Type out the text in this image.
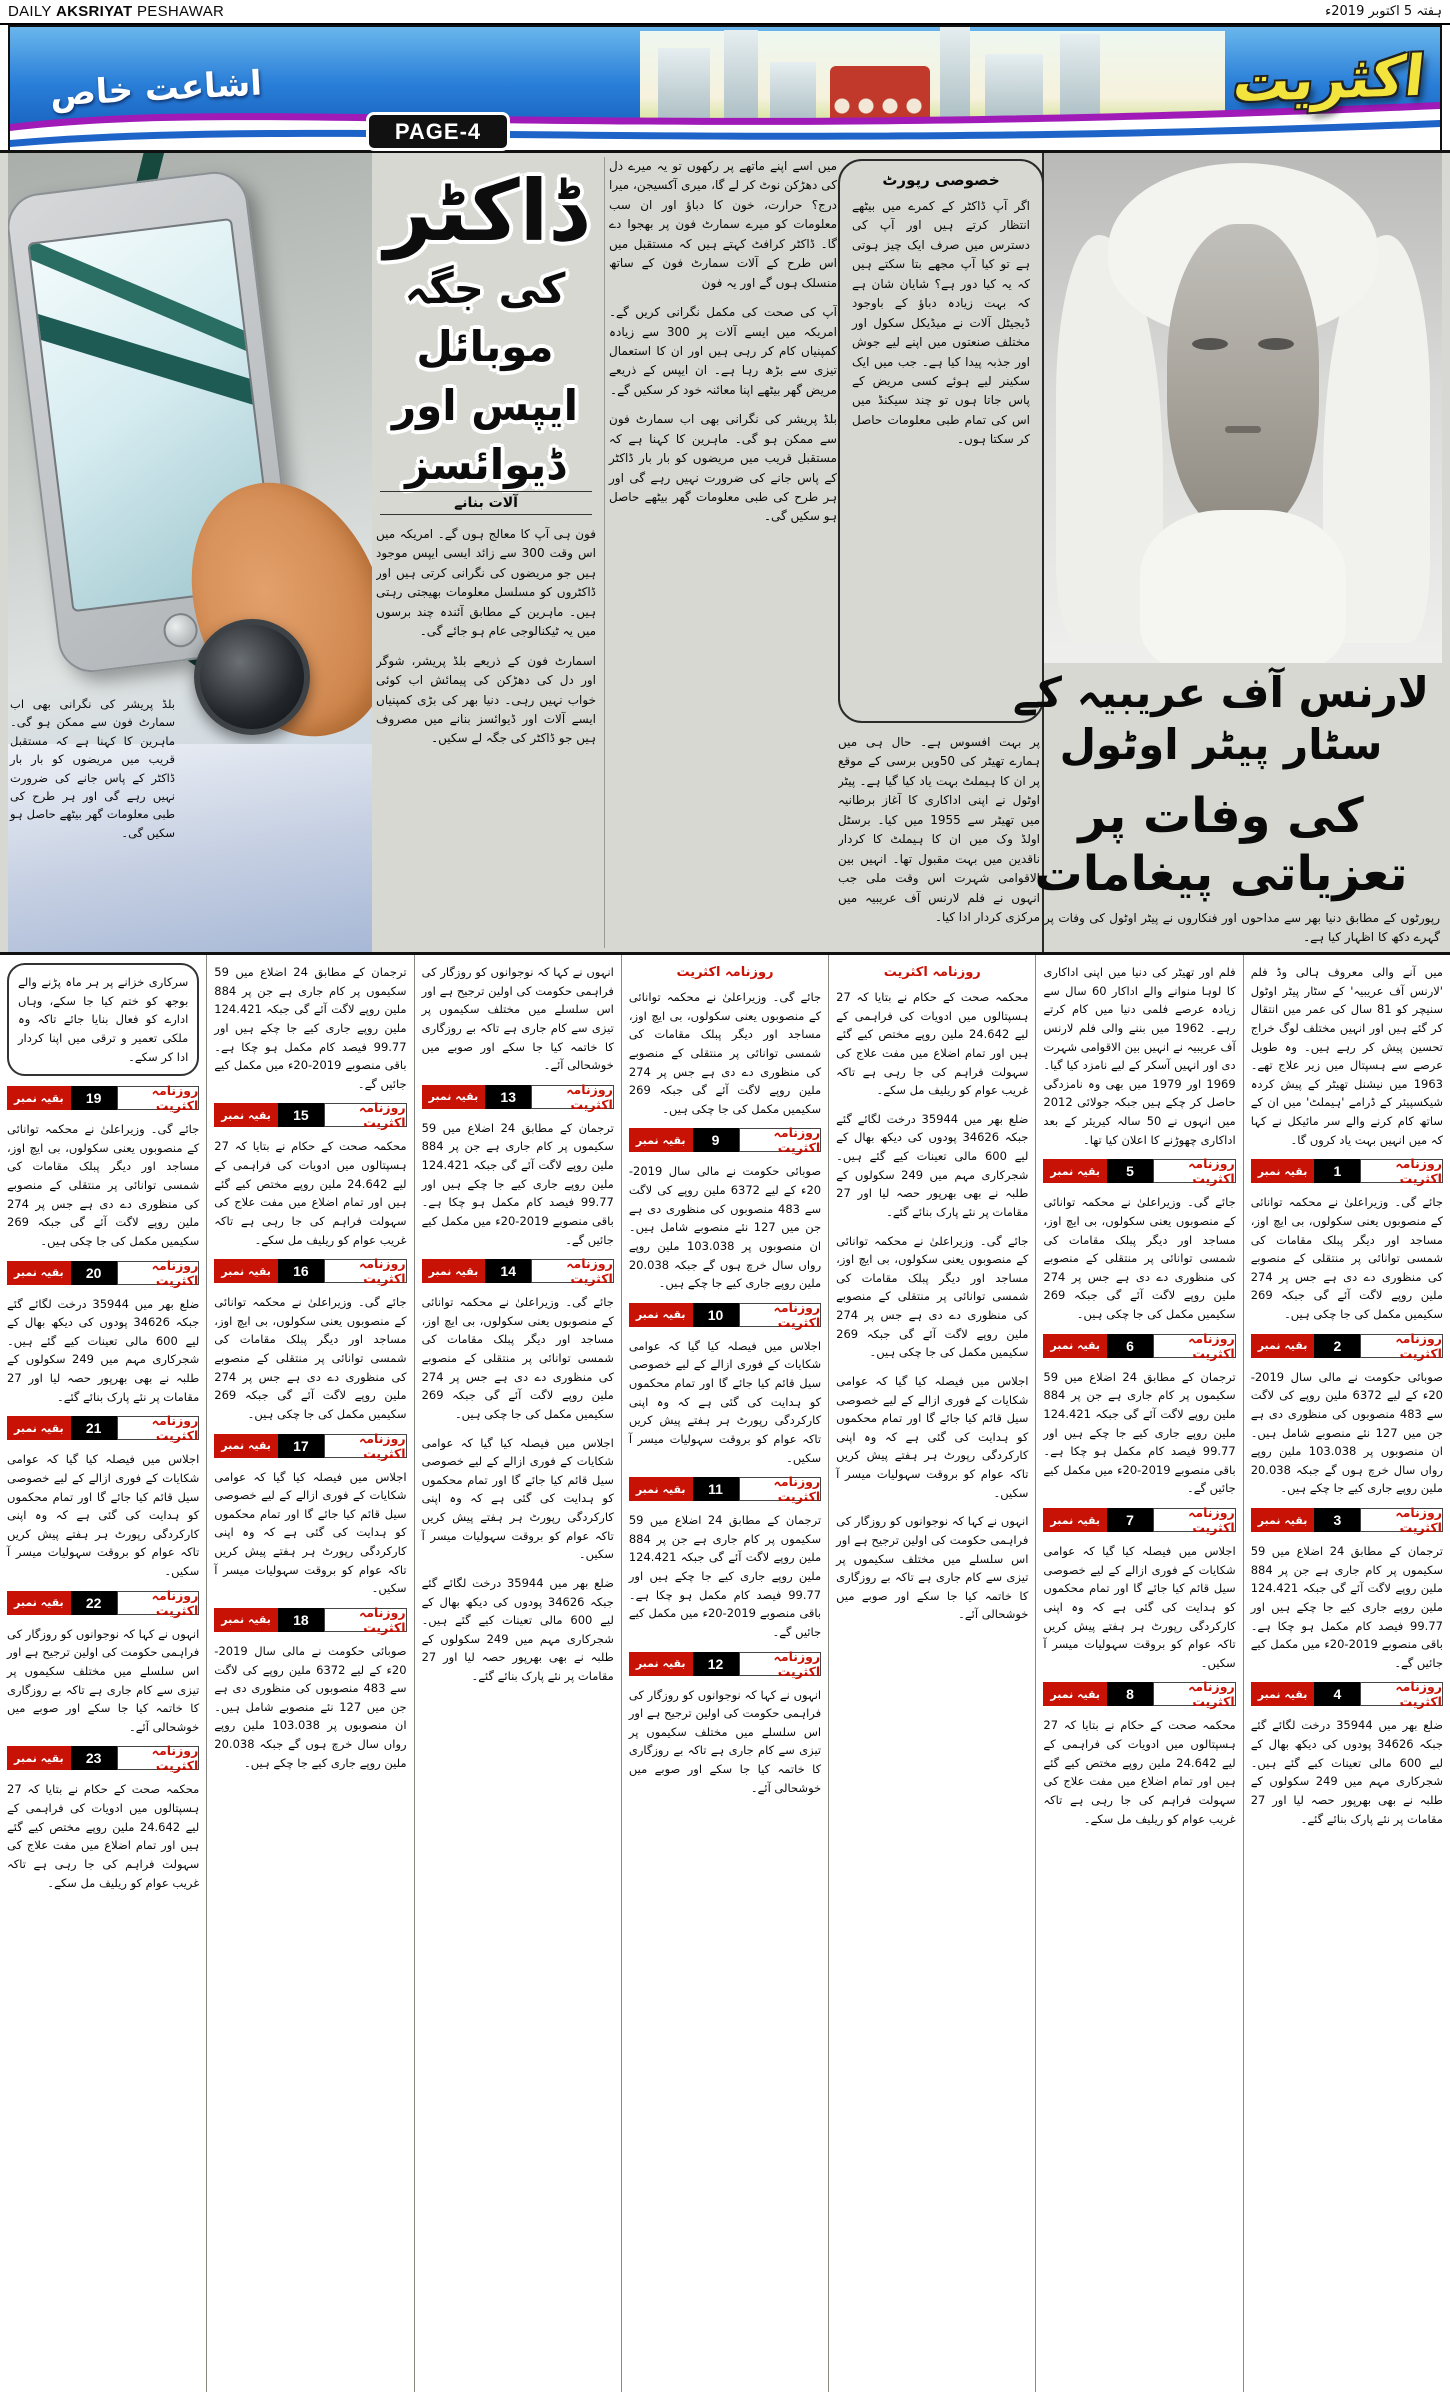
DAILY AKSRIYAT PESHAWAR	ہفتہ 5 اکتوبر 2019ء
اشاعت خاص	اکثریت
PAGE-4
بلڈ پریشر کی نگرانی بھی اب سمارٹ فون سے ممکن ہو گی۔ ماہرین کا کہنا ہے کہ مستقبل قریب میں مریضوں کو بار بار ڈاکٹر کے پاس جانے کی ضرورت نہیں رہے گی اور ہر طرح کی طبی معلومات گھر بیٹھے حاصل ہو سکیں گی۔
ڈاکٹر
کی جگہ موبائل
ایپس اور
ڈیوائسز
آلات بنانے

فون ہی آپ کا معالج ہوں گے۔ امریکہ میں اس وقت 300 سے زائد ایسی ایپس موجود ہیں جو مریضوں کی نگرانی کرتی ہیں اور ڈاکٹروں کو مسلسل معلومات بھیجتی رہتی ہیں۔ ماہرین کے مطابق آئندہ چند برسوں میں یہ ٹیکنالوجی عام ہو جائے گی۔

اسمارٹ فون کے ذریعے بلڈ پریشر، شوگر اور دل کی دھڑکن کی پیمائش اب کوئی خواب نہیں رہی۔ دنیا بھر کی بڑی کمپنیاں ایسے آلات اور ڈیوائسز بنانے میں مصروف ہیں جو ڈاکٹر کی جگہ لے سکیں۔

میں اسے اپنے ماتھے پر رکھوں تو یہ میرے دل کی دھڑکن نوٹ کر لے گا، میری آکسیجن، میرا درج؟ حرارت، خون کا دباؤ اور ان سب معلومات کو میرے سمارٹ فون پر بھجوا دے گا۔ ڈاکٹر کرافٹ کہتے ہیں کہ مستقبل میں اس طرح کے آلات سمارٹ فون کے ساتھ منسلک ہوں گے اور یہ فون

آپ کی صحت کی مکمل نگرانی کریں گے۔ امریکہ میں ایسے آلات پر 300 سے زیادہ کمپنیاں کام کر رہی ہیں اور ان کا استعمال تیزی سے بڑھ رہا ہے۔ ان ایپس کے ذریعے مریض گھر بیٹھے اپنا معائنہ خود کر سکیں گے۔

بلڈ پریشر کی نگرانی بھی اب سمارٹ فون سے ممکن ہو گی۔ ماہرین کا کہنا ہے کہ مستقبل قریب میں مریضوں کو بار بار ڈاکٹر کے پاس جانے کی ضرورت نہیں رہے گی اور ہر طرح کی طبی معلومات گھر بیٹھے حاصل ہو سکیں گی۔

خصوصی رپورٹ

اگر آپ ڈاکٹر کے کمرے میں بیٹھے انتظار کرتے ہیں اور آپ کی دسترس میں صرف ایک چیز ہوتی ہے تو کیا آپ مجھے بتا سکتے ہیں کہ یہ کیا دور ہے؟ شایان شان ہے کہ بہت زیادہ دباؤ کے باوجود ڈیجیٹل آلات نے میڈیکل سکول اور مختلف صنعتوں میں اپنے لیے جوش اور جذبہ پیدا کیا ہے۔ جب میں ایک سکینر لیے ہوئے کسی مریض کے پاس جاتا ہوں تو چند سیکنڈ میں اس کی تمام طبی معلومات حاصل کر سکتا ہوں۔

پر بہت افسوس ہے۔ حال ہی میں ہمارے تھیٹر کی 50ویں برسی کے موقع پر ان کا ہیملٹ بہت یاد کیا گیا ہے۔ پیٹر اوٹول نے اپنی اداکاری کا آغاز برطانیہ میں تھیٹر سے 1955 میں کیا۔ برسٹل اولڈ وک میں ان کا ہیملٹ کا کردار ناقدین میں بہت مقبول تھا۔ انہیں بین الاقوامی شہرت اس وقت ملی جب انہوں نے فلم لارنس آف عریبیہ میں مرکزی کردار ادا کیا۔

لارنس آف عریبیہ کے سٹار پیٹر اوٹول
کی وفات پر تعزیاتی پیغامات
رپورٹوں کے مطابق دنیا بھر سے مداحوں اور فنکاروں نے پیٹر اوٹول کی وفات پر گہرے دکھ کا اظہار کیا ہے۔

سرکاری خزانے پر ہر ماہ پڑنے والے بوجھ کو ختم کیا جا سکے، وہاں ادارے کو فعال بنایا جائے تاکہ وہ ملکی تعمیر و ترقی میں اپنا کردار ادا کر سکے۔

بقیہ نمبر	19	روزنامہ اکثریت

جائے گی۔ وزیراعلیٰ نے محکمہ توانائی کے منصوبوں یعنی سکولوں، بی ایچ اوز، مساجد اور دیگر پبلک مقامات کی شمسی توانائی پر منتقلی کے منصوبے کی منظوری دے دی ہے جس پر 274 ملین روپے لاگت آئے گی جبکہ 269 سکیمیں مکمل کی جا چکی ہیں۔

بقیہ نمبر	20	روزنامہ اکثریت

ضلع بھر میں 35944 درخت لگائے گئے جبکہ 34626 پودوں کی دیکھ بھال کے لیے 600 مالی تعینات کیے گئے ہیں۔ شجرکاری مہم میں 249 سکولوں کے طلبہ نے بھی بھرپور حصہ لیا اور 27 مقامات پر نئے پارک بنائے گئے۔

بقیہ نمبر	21	روزنامہ اکثریت

اجلاس میں فیصلہ کیا گیا کہ عوامی شکایات کے فوری ازالے کے لیے خصوصی سیل قائم کیا جائے گا اور تمام محکموں کو ہدایت کی گئی ہے کہ وہ اپنی کارکردگی رپورٹ ہر ہفتے پیش کریں تاکہ عوام کو بروقت سہولیات میسر آ سکیں۔

بقیہ نمبر	22	روزنامہ اکثریت

انہوں نے کہا کہ نوجوانوں کو روزگار کی فراہمی حکومت کی اولین ترجیح ہے اور اس سلسلے میں مختلف سکیموں پر تیزی سے کام جاری ہے تاکہ بے روزگاری کا خاتمہ کیا جا سکے اور صوبے میں خوشحالی آئے۔

بقیہ نمبر	23	روزنامہ اکثریت

محکمہ صحت کے حکام نے بتایا کہ 27 ہسپتالوں میں ادویات کی فراہمی کے لیے 24.642 ملین روپے مختص کیے گئے ہیں اور تمام اضلاع میں مفت علاج کی سہولت فراہم کی جا رہی ہے تاکہ غریب عوام کو ریلیف مل سکے۔

ترجمان کے مطابق 24 اضلاع میں 59 سکیموں پر کام جاری ہے جن پر 884 ملین روپے لاگت آئے گی جبکہ 124.421 ملین روپے جاری کیے جا چکے ہیں اور 99.77 فیصد کام مکمل ہو چکا ہے۔ باقی منصوبے 2019-20ء میں مکمل کیے جائیں گے۔

بقیہ نمبر	15	روزنامہ اکثریت

محکمہ صحت کے حکام نے بتایا کہ 27 ہسپتالوں میں ادویات کی فراہمی کے لیے 24.642 ملین روپے مختص کیے گئے ہیں اور تمام اضلاع میں مفت علاج کی سہولت فراہم کی جا رہی ہے تاکہ غریب عوام کو ریلیف مل سکے۔

بقیہ نمبر	16	روزنامہ اکثریت

جائے گی۔ وزیراعلیٰ نے محکمہ توانائی کے منصوبوں یعنی سکولوں، بی ایچ اوز، مساجد اور دیگر پبلک مقامات کی شمسی توانائی پر منتقلی کے منصوبے کی منظوری دے دی ہے جس پر 274 ملین روپے لاگت آئے گی جبکہ 269 سکیمیں مکمل کی جا چکی ہیں۔

بقیہ نمبر	17	روزنامہ اکثریت

اجلاس میں فیصلہ کیا گیا کہ عوامی شکایات کے فوری ازالے کے لیے خصوصی سیل قائم کیا جائے گا اور تمام محکموں کو ہدایت کی گئی ہے کہ وہ اپنی کارکردگی رپورٹ ہر ہفتے پیش کریں تاکہ عوام کو بروقت سہولیات میسر آ سکیں۔

بقیہ نمبر	18	روزنامہ اکثریت

صوبائی حکومت نے مالی سال 2019-20ء کے لیے 6372 ملین روپے کی لاگت سے 483 منصوبوں کی منظوری دی ہے جن میں 127 نئے منصوبے شامل ہیں۔ ان منصوبوں پر 103.038 ملین روپے رواں سال خرچ ہوں گے جبکہ 20.038 ملین روپے جاری کیے جا چکے ہیں۔

انہوں نے کہا کہ نوجوانوں کو روزگار کی فراہمی حکومت کی اولین ترجیح ہے اور اس سلسلے میں مختلف سکیموں پر تیزی سے کام جاری ہے تاکہ بے روزگاری کا خاتمہ کیا جا سکے اور صوبے میں خوشحالی آئے۔

بقیہ نمبر	13	روزنامہ اکثریت

ترجمان کے مطابق 24 اضلاع میں 59 سکیموں پر کام جاری ہے جن پر 884 ملین روپے لاگت آئے گی جبکہ 124.421 ملین روپے جاری کیے جا چکے ہیں اور 99.77 فیصد کام مکمل ہو چکا ہے۔ باقی منصوبے 2019-20ء میں مکمل کیے جائیں گے۔

بقیہ نمبر	14	روزنامہ اکثریت

جائے گی۔ وزیراعلیٰ نے محکمہ توانائی کے منصوبوں یعنی سکولوں، بی ایچ اوز، مساجد اور دیگر پبلک مقامات کی شمسی توانائی پر منتقلی کے منصوبے کی منظوری دے دی ہے جس پر 274 ملین روپے لاگت آئے گی جبکہ 269 سکیمیں مکمل کی جا چکی ہیں۔

اجلاس میں فیصلہ کیا گیا کہ عوامی شکایات کے فوری ازالے کے لیے خصوصی سیل قائم کیا جائے گا اور تمام محکموں کو ہدایت کی گئی ہے کہ وہ اپنی کارکردگی رپورٹ ہر ہفتے پیش کریں تاکہ عوام کو بروقت سہولیات میسر آ سکیں۔

ضلع بھر میں 35944 درخت لگائے گئے جبکہ 34626 پودوں کی دیکھ بھال کے لیے 600 مالی تعینات کیے گئے ہیں۔ شجرکاری مہم میں 249 سکولوں کے طلبہ نے بھی بھرپور حصہ لیا اور 27 مقامات پر نئے پارک بنائے گئے۔

روزنامہ اکثریت

جائے گی۔ وزیراعلیٰ نے محکمہ توانائی کے منصوبوں یعنی سکولوں، بی ایچ اوز، مساجد اور دیگر پبلک مقامات کی شمسی توانائی پر منتقلی کے منصوبے کی منظوری دے دی ہے جس پر 274 ملین روپے لاگت آئے گی جبکہ 269 سکیمیں مکمل کی جا چکی ہیں۔

بقیہ نمبر	9	روزنامہ اکثریت

صوبائی حکومت نے مالی سال 2019-20ء کے لیے 6372 ملین روپے کی لاگت سے 483 منصوبوں کی منظوری دی ہے جن میں 127 نئے منصوبے شامل ہیں۔ ان منصوبوں پر 103.038 ملین روپے رواں سال خرچ ہوں گے جبکہ 20.038 ملین روپے جاری کیے جا چکے ہیں۔

بقیہ نمبر	10	روزنامہ اکثریت

اجلاس میں فیصلہ کیا گیا کہ عوامی شکایات کے فوری ازالے کے لیے خصوصی سیل قائم کیا جائے گا اور تمام محکموں کو ہدایت کی گئی ہے کہ وہ اپنی کارکردگی رپورٹ ہر ہفتے پیش کریں تاکہ عوام کو بروقت سہولیات میسر آ سکیں۔

بقیہ نمبر	11	روزنامہ اکثریت

ترجمان کے مطابق 24 اضلاع میں 59 سکیموں پر کام جاری ہے جن پر 884 ملین روپے لاگت آئے گی جبکہ 124.421 ملین روپے جاری کیے جا چکے ہیں اور 99.77 فیصد کام مکمل ہو چکا ہے۔ باقی منصوبے 2019-20ء میں مکمل کیے جائیں گے۔

بقیہ نمبر	12	روزنامہ اکثریت

انہوں نے کہا کہ نوجوانوں کو روزگار کی فراہمی حکومت کی اولین ترجیح ہے اور اس سلسلے میں مختلف سکیموں پر تیزی سے کام جاری ہے تاکہ بے روزگاری کا خاتمہ کیا جا سکے اور صوبے میں خوشحالی آئے۔

روزنامہ اکثریت

محکمہ صحت کے حکام نے بتایا کہ 27 ہسپتالوں میں ادویات کی فراہمی کے لیے 24.642 ملین روپے مختص کیے گئے ہیں اور تمام اضلاع میں مفت علاج کی سہولت فراہم کی جا رہی ہے تاکہ غریب عوام کو ریلیف مل سکے۔

ضلع بھر میں 35944 درخت لگائے گئے جبکہ 34626 پودوں کی دیکھ بھال کے لیے 600 مالی تعینات کیے گئے ہیں۔ شجرکاری مہم میں 249 سکولوں کے طلبہ نے بھی بھرپور حصہ لیا اور 27 مقامات پر نئے پارک بنائے گئے۔

جائے گی۔ وزیراعلیٰ نے محکمہ توانائی کے منصوبوں یعنی سکولوں، بی ایچ اوز، مساجد اور دیگر پبلک مقامات کی شمسی توانائی پر منتقلی کے منصوبے کی منظوری دے دی ہے جس پر 274 ملین روپے لاگت آئے گی جبکہ 269 سکیمیں مکمل کی جا چکی ہیں۔

اجلاس میں فیصلہ کیا گیا کہ عوامی شکایات کے فوری ازالے کے لیے خصوصی سیل قائم کیا جائے گا اور تمام محکموں کو ہدایت کی گئی ہے کہ وہ اپنی کارکردگی رپورٹ ہر ہفتے پیش کریں تاکہ عوام کو بروقت سہولیات میسر آ سکیں۔

انہوں نے کہا کہ نوجوانوں کو روزگار کی فراہمی حکومت کی اولین ترجیح ہے اور اس سلسلے میں مختلف سکیموں پر تیزی سے کام جاری ہے تاکہ بے روزگاری کا خاتمہ کیا جا سکے اور صوبے میں خوشحالی آئے۔

فلم اور تھیٹر کی دنیا میں اپنی اداکاری کا لوہا منوانے والے اداکار 60 سال سے زیادہ عرصے فلمی دنیا میں کام کرتے رہے۔ 1962 میں بننے والی فلم لارنس آف عریبیہ نے انہیں بین الاقوامی شہرت دی اور انہیں آسکر کے لیے نامزد کیا گیا۔ 1969 اور 1979 میں بھی وہ نامزدگی حاصل کر چکے ہیں جبکہ جولائی 2012 میں انہوں نے 50 سالہ کیریئر کے بعد اداکاری چھوڑنے کا اعلان کیا تھا۔

بقیہ نمبر	5	روزنامہ اکثریت

جائے گی۔ وزیراعلیٰ نے محکمہ توانائی کے منصوبوں یعنی سکولوں، بی ایچ اوز، مساجد اور دیگر پبلک مقامات کی شمسی توانائی پر منتقلی کے منصوبے کی منظوری دے دی ہے جس پر 274 ملین روپے لاگت آئے گی جبکہ 269 سکیمیں مکمل کی جا چکی ہیں۔

بقیہ نمبر	6	روزنامہ اکثریت

ترجمان کے مطابق 24 اضلاع میں 59 سکیموں پر کام جاری ہے جن پر 884 ملین روپے لاگت آئے گی جبکہ 124.421 ملین روپے جاری کیے جا چکے ہیں اور 99.77 فیصد کام مکمل ہو چکا ہے۔ باقی منصوبے 2019-20ء میں مکمل کیے جائیں گے۔

بقیہ نمبر	7	روزنامہ اکثریت

اجلاس میں فیصلہ کیا گیا کہ عوامی شکایات کے فوری ازالے کے لیے خصوصی سیل قائم کیا جائے گا اور تمام محکموں کو ہدایت کی گئی ہے کہ وہ اپنی کارکردگی رپورٹ ہر ہفتے پیش کریں تاکہ عوام کو بروقت سہولیات میسر آ سکیں۔

بقیہ نمبر	8	روزنامہ اکثریت

محکمہ صحت کے حکام نے بتایا کہ 27 ہسپتالوں میں ادویات کی فراہمی کے لیے 24.642 ملین روپے مختص کیے گئے ہیں اور تمام اضلاع میں مفت علاج کی سہولت فراہم کی جا رہی ہے تاکہ غریب عوام کو ریلیف مل سکے۔

میں آنے والی معروف ہالی وڈ فلم 'لارنس آف عریبیہ' کے سٹار پیٹر اوٹول سنیچر کو 81 سال کی عمر میں انتقال کر گئے ہیں اور انہیں مختلف لوگ خراج تحسین پیش کر رہے ہیں۔ وہ طویل عرصے سے ہسپتال میں زیر علاج تھے۔ 1963 میں نیشنل تھیٹر کے پیش کردہ شیکسپیئر کے ڈرامے 'ہیملٹ' میں ان کے ساتھ کام کرنے والے سر مائیکل نے کہا کہ میں انہیں بہت یاد کروں گا۔

بقیہ نمبر	1	روزنامہ اکثریت

جائے گی۔ وزیراعلیٰ نے محکمہ توانائی کے منصوبوں یعنی سکولوں، بی ایچ اوز، مساجد اور دیگر پبلک مقامات کی شمسی توانائی پر منتقلی کے منصوبے کی منظوری دے دی ہے جس پر 274 ملین روپے لاگت آئے گی جبکہ 269 سکیمیں مکمل کی جا چکی ہیں۔

بقیہ نمبر	2	روزنامہ اکثریت

صوبائی حکومت نے مالی سال 2019-20ء کے لیے 6372 ملین روپے کی لاگت سے 483 منصوبوں کی منظوری دی ہے جن میں 127 نئے منصوبے شامل ہیں۔ ان منصوبوں پر 103.038 ملین روپے رواں سال خرچ ہوں گے جبکہ 20.038 ملین روپے جاری کیے جا چکے ہیں۔

بقیہ نمبر	3	روزنامہ اکثریت

ترجمان کے مطابق 24 اضلاع میں 59 سکیموں پر کام جاری ہے جن پر 884 ملین روپے لاگت آئے گی جبکہ 124.421 ملین روپے جاری کیے جا چکے ہیں اور 99.77 فیصد کام مکمل ہو چکا ہے۔ باقی منصوبے 2019-20ء میں مکمل کیے جائیں گے۔

بقیہ نمبر	4	روزنامہ اکثریت

ضلع بھر میں 35944 درخت لگائے گئے جبکہ 34626 پودوں کی دیکھ بھال کے لیے 600 مالی تعینات کیے گئے ہیں۔ شجرکاری مہم میں 249 سکولوں کے طلبہ نے بھی بھرپور حصہ لیا اور 27 مقامات پر نئے پارک بنائے گئے۔
